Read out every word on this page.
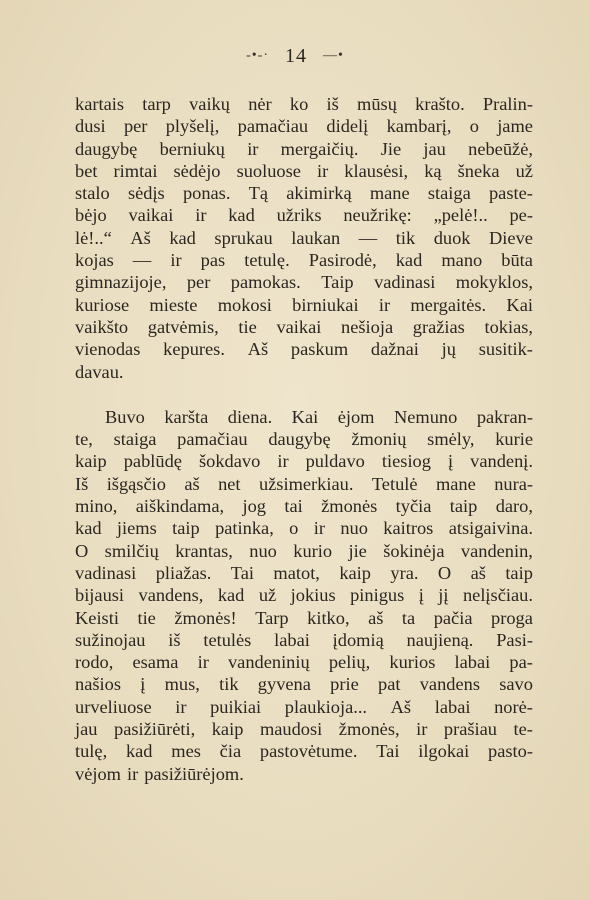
-•-· 14 —•
kartais tarp vaikų nėr ko iš mūsų krašto. Pralin-
dusi per plyšelį, pamačiau didelį kambarį, o jame
daugybę berniukų ir mergaičių. Jie jau nebeūžė,
bet rimtai sėdėjo suoluose ir klausėsi, ką šneka už
stalo sėdįs ponas. Tą akimirką mane staiga paste-
bėjo vaikai ir kad užriks neužrikę: „pelė!.. pe-
lė!..“ Aš kad sprukau laukan — tik duok Dieve
kojas — ir pas tetulę. Pasirodė, kad mano būta
gimnazijoje, per pamokas. Taip vadinasi mokyklos,
kuriose mieste mokosi birniukai ir mergaitės. Kai
vaikšto gatvėmis, tie vaikai nešioja gražias tokias,
vienodas kepures. Aš paskum dažnai jų susitik-
davau.
Buvo karšta diena. Kai ėjom Nemuno pakran-
te, staiga pamačiau daugybę žmonių smėly, kurie
kaip pablūdę šokdavo ir puldavo tiesiog į vandenį.
Iš išgąsčio aš net užsimerkiau. Tetulė mane nura-
mino, aiškindama, jog tai žmonės tyčia taip daro,
kad jiems taip patinka, o ir nuo kaitros atsigaivina.
O smilčių krantas, nuo kurio jie šokinėja vandenin,
vadinasi pliažas. Tai matot, kaip yra. O aš taip
bijausi vandens, kad už jokius pinigus į jį nelįsčiau.
Keisti tie žmonės! Tarp kitko, aš ta pačia proga
sužinojau iš tetulės labai įdomią naujieną. Pasi-
rodo, esama ir vandeninių pelių, kurios labai pa-
našios į mus, tik gyvena prie pat vandens savo
urveliuose ir puikiai plaukioja... Aš labai norė-
jau pasižiūrėti, kaip maudosi žmonės, ir prašiau te-
tulę, kad mes čia pastovėtume. Tai ilgokai pasto-
vėjom ir pasižiūrėjom.
